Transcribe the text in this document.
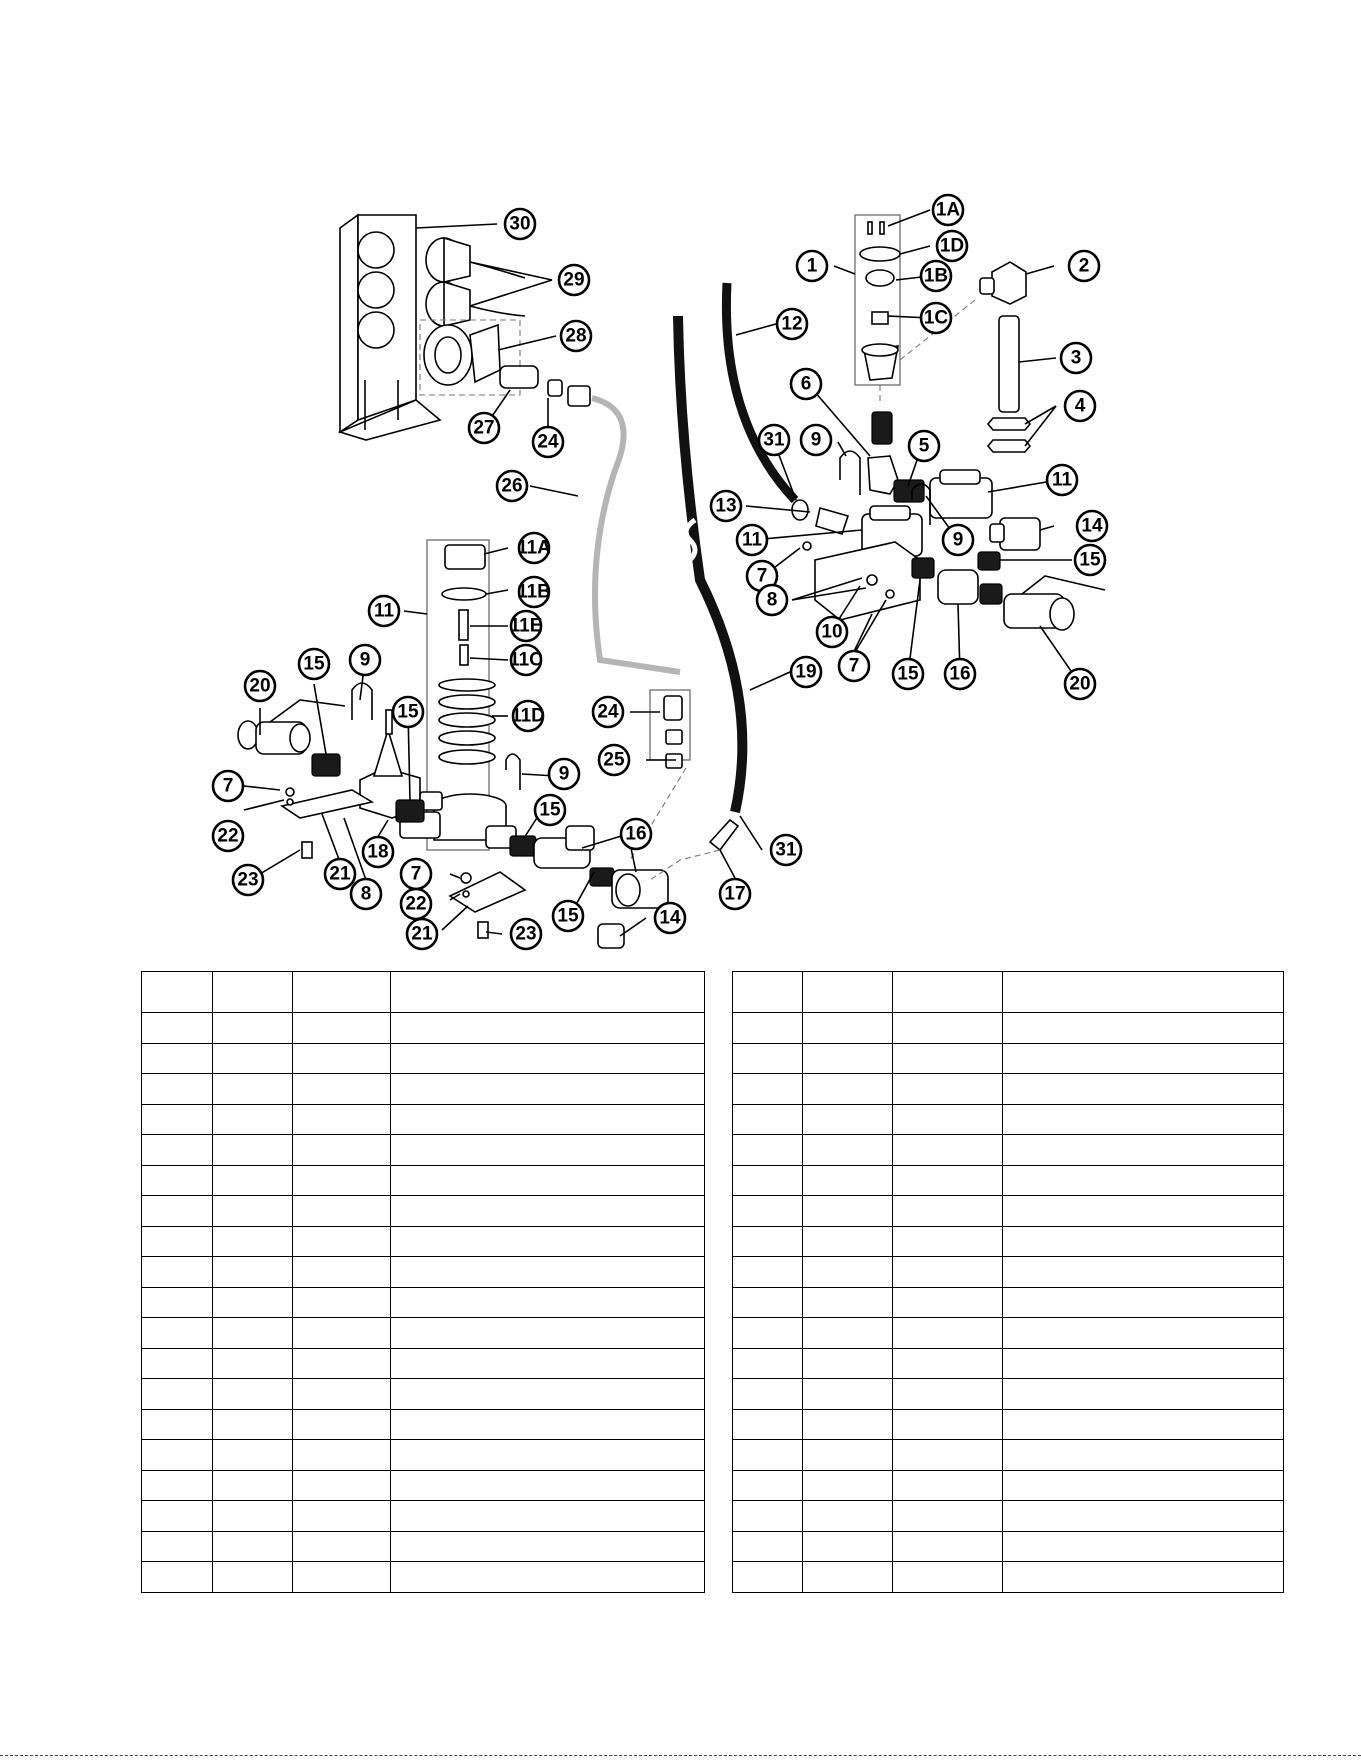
30
29
28
27
24
26
11A
11B
11
11E
11C
11D	24
25
20
15 9
15
9
15
16
7
22
18
23	21
8
7
22
21	23
15	14
17
31
12
19
1A
1D
1	1B	2
1C
3
6
4
5
31 9
11
13
11
14
9
15
7
8
10
7 15 16	20
